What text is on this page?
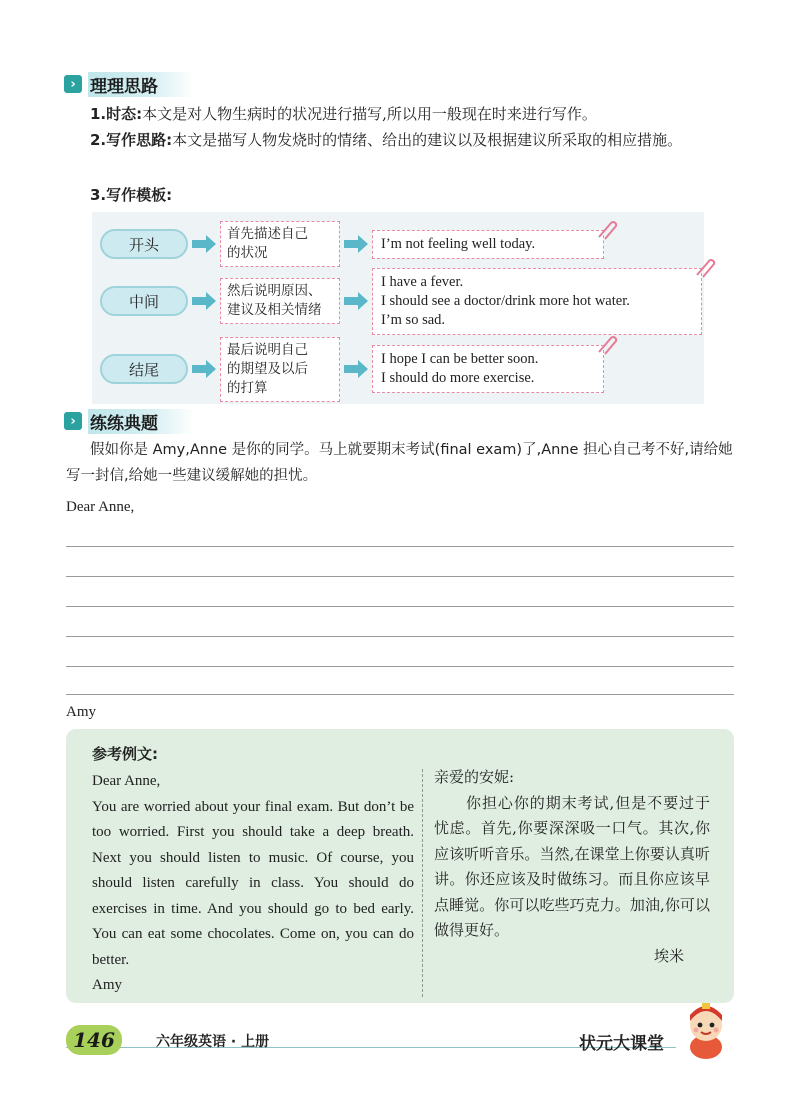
› 理理思路
1.时态:本文是对人物生病时的状况进行描写,所以用一般现在时来进行写作。
2.写作思路:本文是描写人物发烧时的情绪、给出的建议以及根据建议所采取的相应措施。
3.写作模板:
开头
首先描述自己
的状况
I’m not feeling well today.
中间
然后说明原因、
建议及相关情绪
I have a fever.
I should see a doctor/drink more hot water.
I’m so sad.
结尾
最后说明自己
的期望及以后
的打算
I hope I can be better soon.
I should do more exercise.
› 练练典题
假如你是 Amy,Anne 是你的同学。马上就要期末考试(final exam)了,Anne 担心自己考不好,请给她写一封信,给她一些建议缓解她的担忧。
Dear Anne,
Amy
参考例文:
Dear Anne,
You are worried about your final exam. But don’t be too worried. First you should take a deep breath. Next you should listen to music. Of course, you should listen carefully in class. You should do exercises in time. And you should go to bed early. You can eat some chocolates. Come on, you can do better.
Amy
亲爱的安妮:
你担心你的期末考试,但是不要过于忧虑。首先,你要深深吸一口气。其次,你应该听听音乐。当然,在课堂上你要认真听讲。你还应该及时做练习。而且你应该早点睡觉。你可以吃些巧克力。加油,你可以做得更好。
埃米
146	六年级英语 · 上册	状元大课堂
